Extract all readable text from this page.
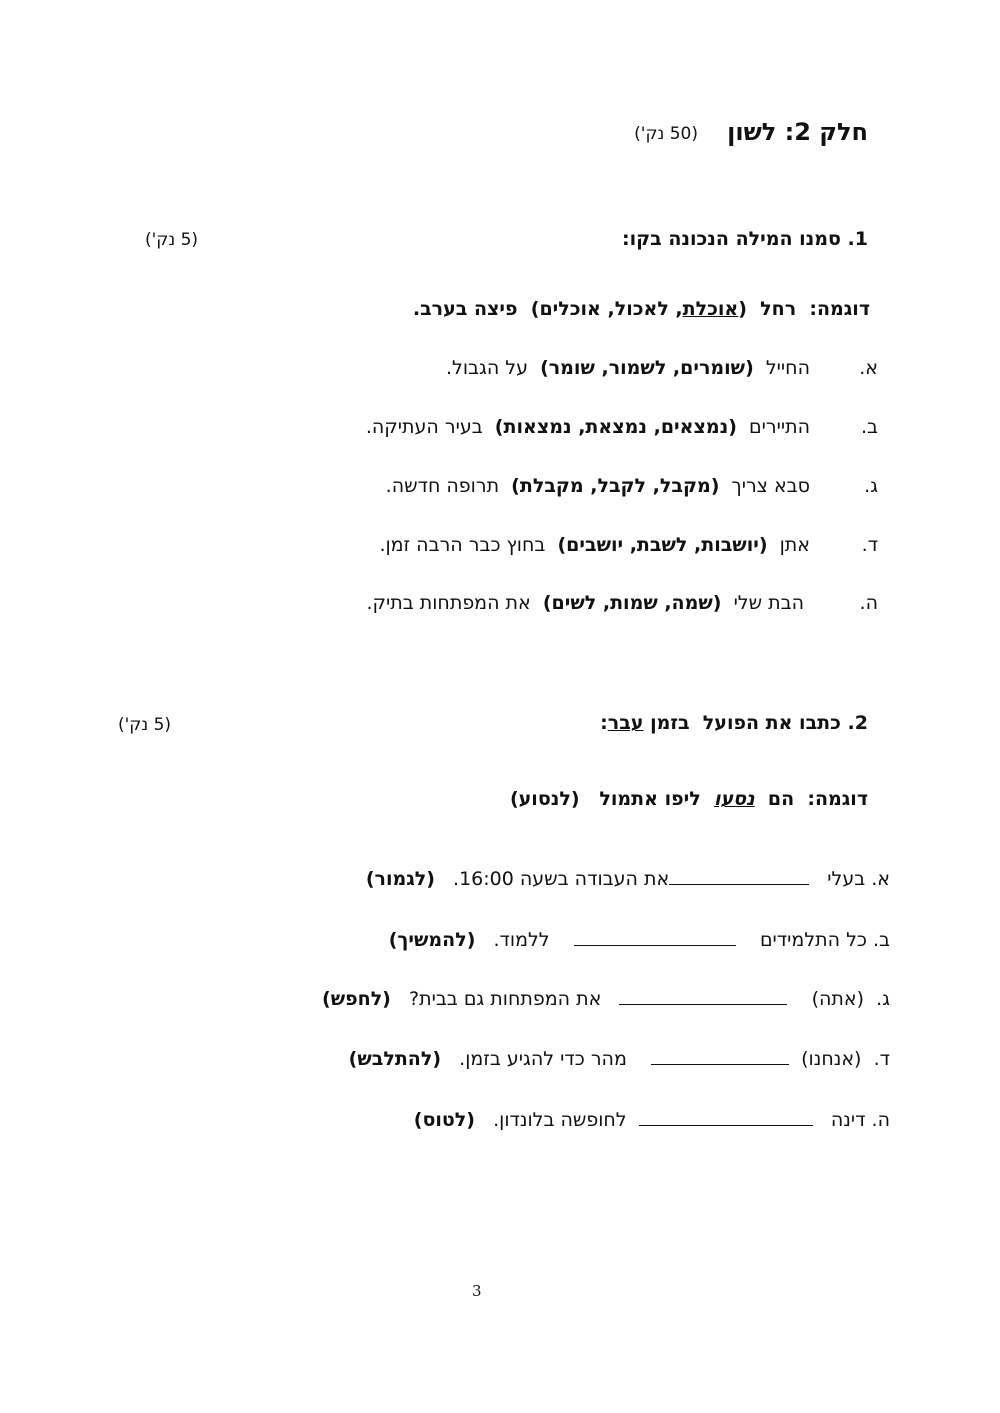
חלק 2: לשון
(50 נק')
1. סמנו המילה הנכונה בקו:
(5 נק')
דוגמה:  רחל  (אוכלת, לאכול, אוכלים)  פיצה בערב.
א.
החייל  (שומרים, לשמור, שומר)  על הגבול.
ב.
התיירים  (נמצאים, נמצאת, נמצאות)  בעיר העתיקה.
ג.
סבא צריך  (מקבל, לקבל, מקבלת)  תרופה חדשה.
ד.
אתן  (יושבות, לשבת, יושבים)  בחוץ כבר הרבה זמן.
ה.
הבת שלי  (שמה, שמות, לשים)  את המפתחות בתיק.
2. כתבו את הפועל  בזמן עבר:
(5 נק')
דוגמה:  הם  נסעו  ליפו אתמול   (לנסוע)
א. בעלי   את העבודה בשעה 16:00.   (לגמור)
ב. כל התלמידים        ללמוד.   (להמשיך)
ג.  (אתה)       את המפתחות גם בבית?   (לחפש)
ד.  (אנחנו)      מהר כדי להגיע בזמן.   (להתלבש)
ה. דינה     לחופשה בלונדון.   (לטוס)
3
